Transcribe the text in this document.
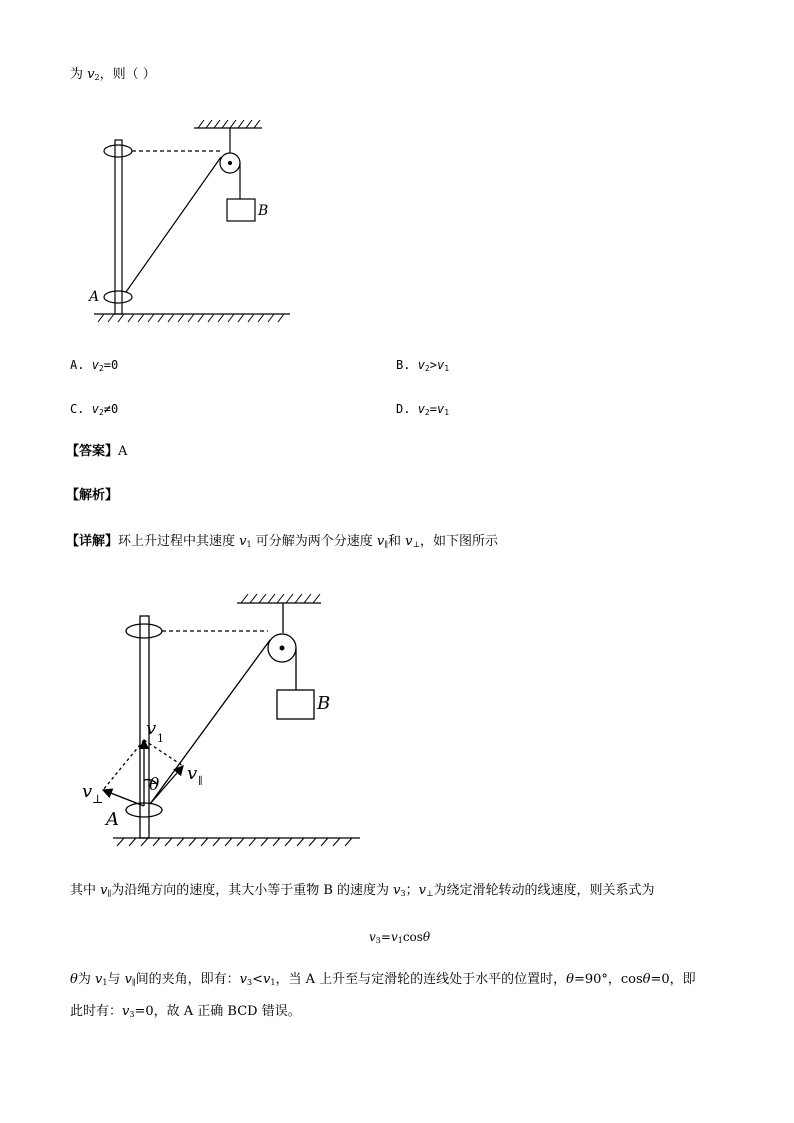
为 $v_2$，则（ ）
B
A
A. $v_2=0$	B. $v_2>v_1$
C. $v_2\ne 0$	D. $v_2=v_1$
【答案】A
【解析】
【详解】环上升过程中其速度 $v_1$ 可分解为两个分速度 $v_\parallel$和 $v_\perp$，如下图所示
B
A
v 1
v ∥
v ⊥
θ
其中 $v_\parallel$为沿绳方向的速度，其大小等于重物 B 的速度为 $v_3$；$v_\perp$为绕定滑轮转动的线速度，则关系式为
$v_3=v_1\cos\theta$
θ为 $v_1$与 $v_\parallel$间的夹角，即有：$v_3<v_1$，当 A 上升至与定滑轮的连线处于水平的位置时，θ=90°，cosθ=0，即
此时有：$v_3=0$，故 A 正确 BCD 错误。
